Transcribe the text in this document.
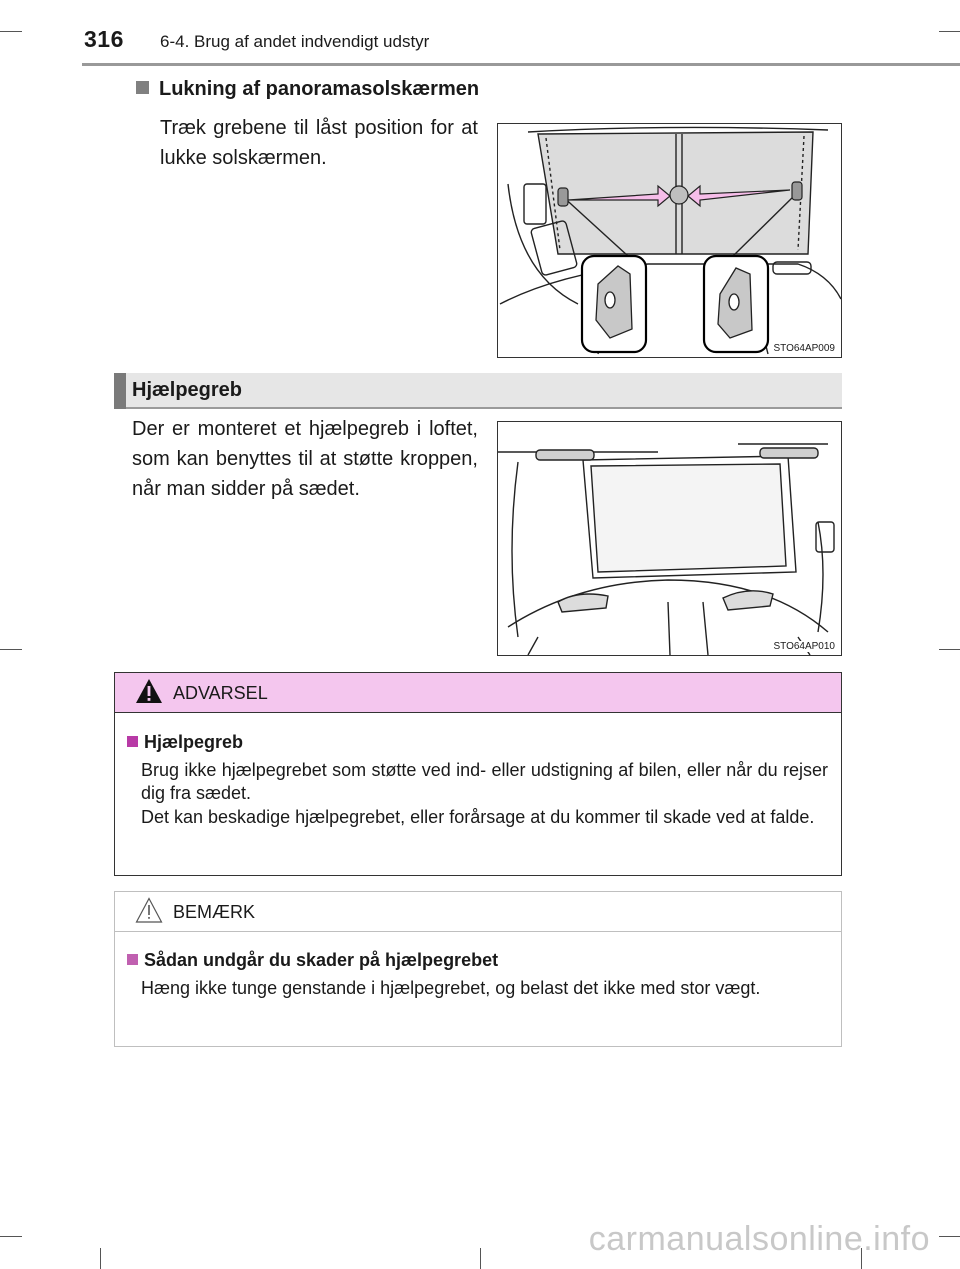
316 6-4. Brug af andet indvendigt udstyr
Lukning af panoramasolskærmen
Træk grebene til låst position for at lukke solskærmen.
STO64AP009
Hjælpegreb
Der er monteret et hjælpegreb i loftet, som kan benyttes til at støtte kroppen, når man sidder på sædet.
STO64AP010
ADVARSEL
Hjælpegreb
Brug ikke hjælpegrebet som støtte ved ind- eller udstigning af bilen, eller når du rejser dig fra sædet.
Det kan beskadige hjælpegrebet, eller forårsage at du kommer til skade ved at falde.
BEMÆRK
Sådan undgår du skader på hjælpegrebet
Hæng ikke tunge genstande i hjælpegrebet, og belast det ikke med stor vægt.
carmanualsonline.info
